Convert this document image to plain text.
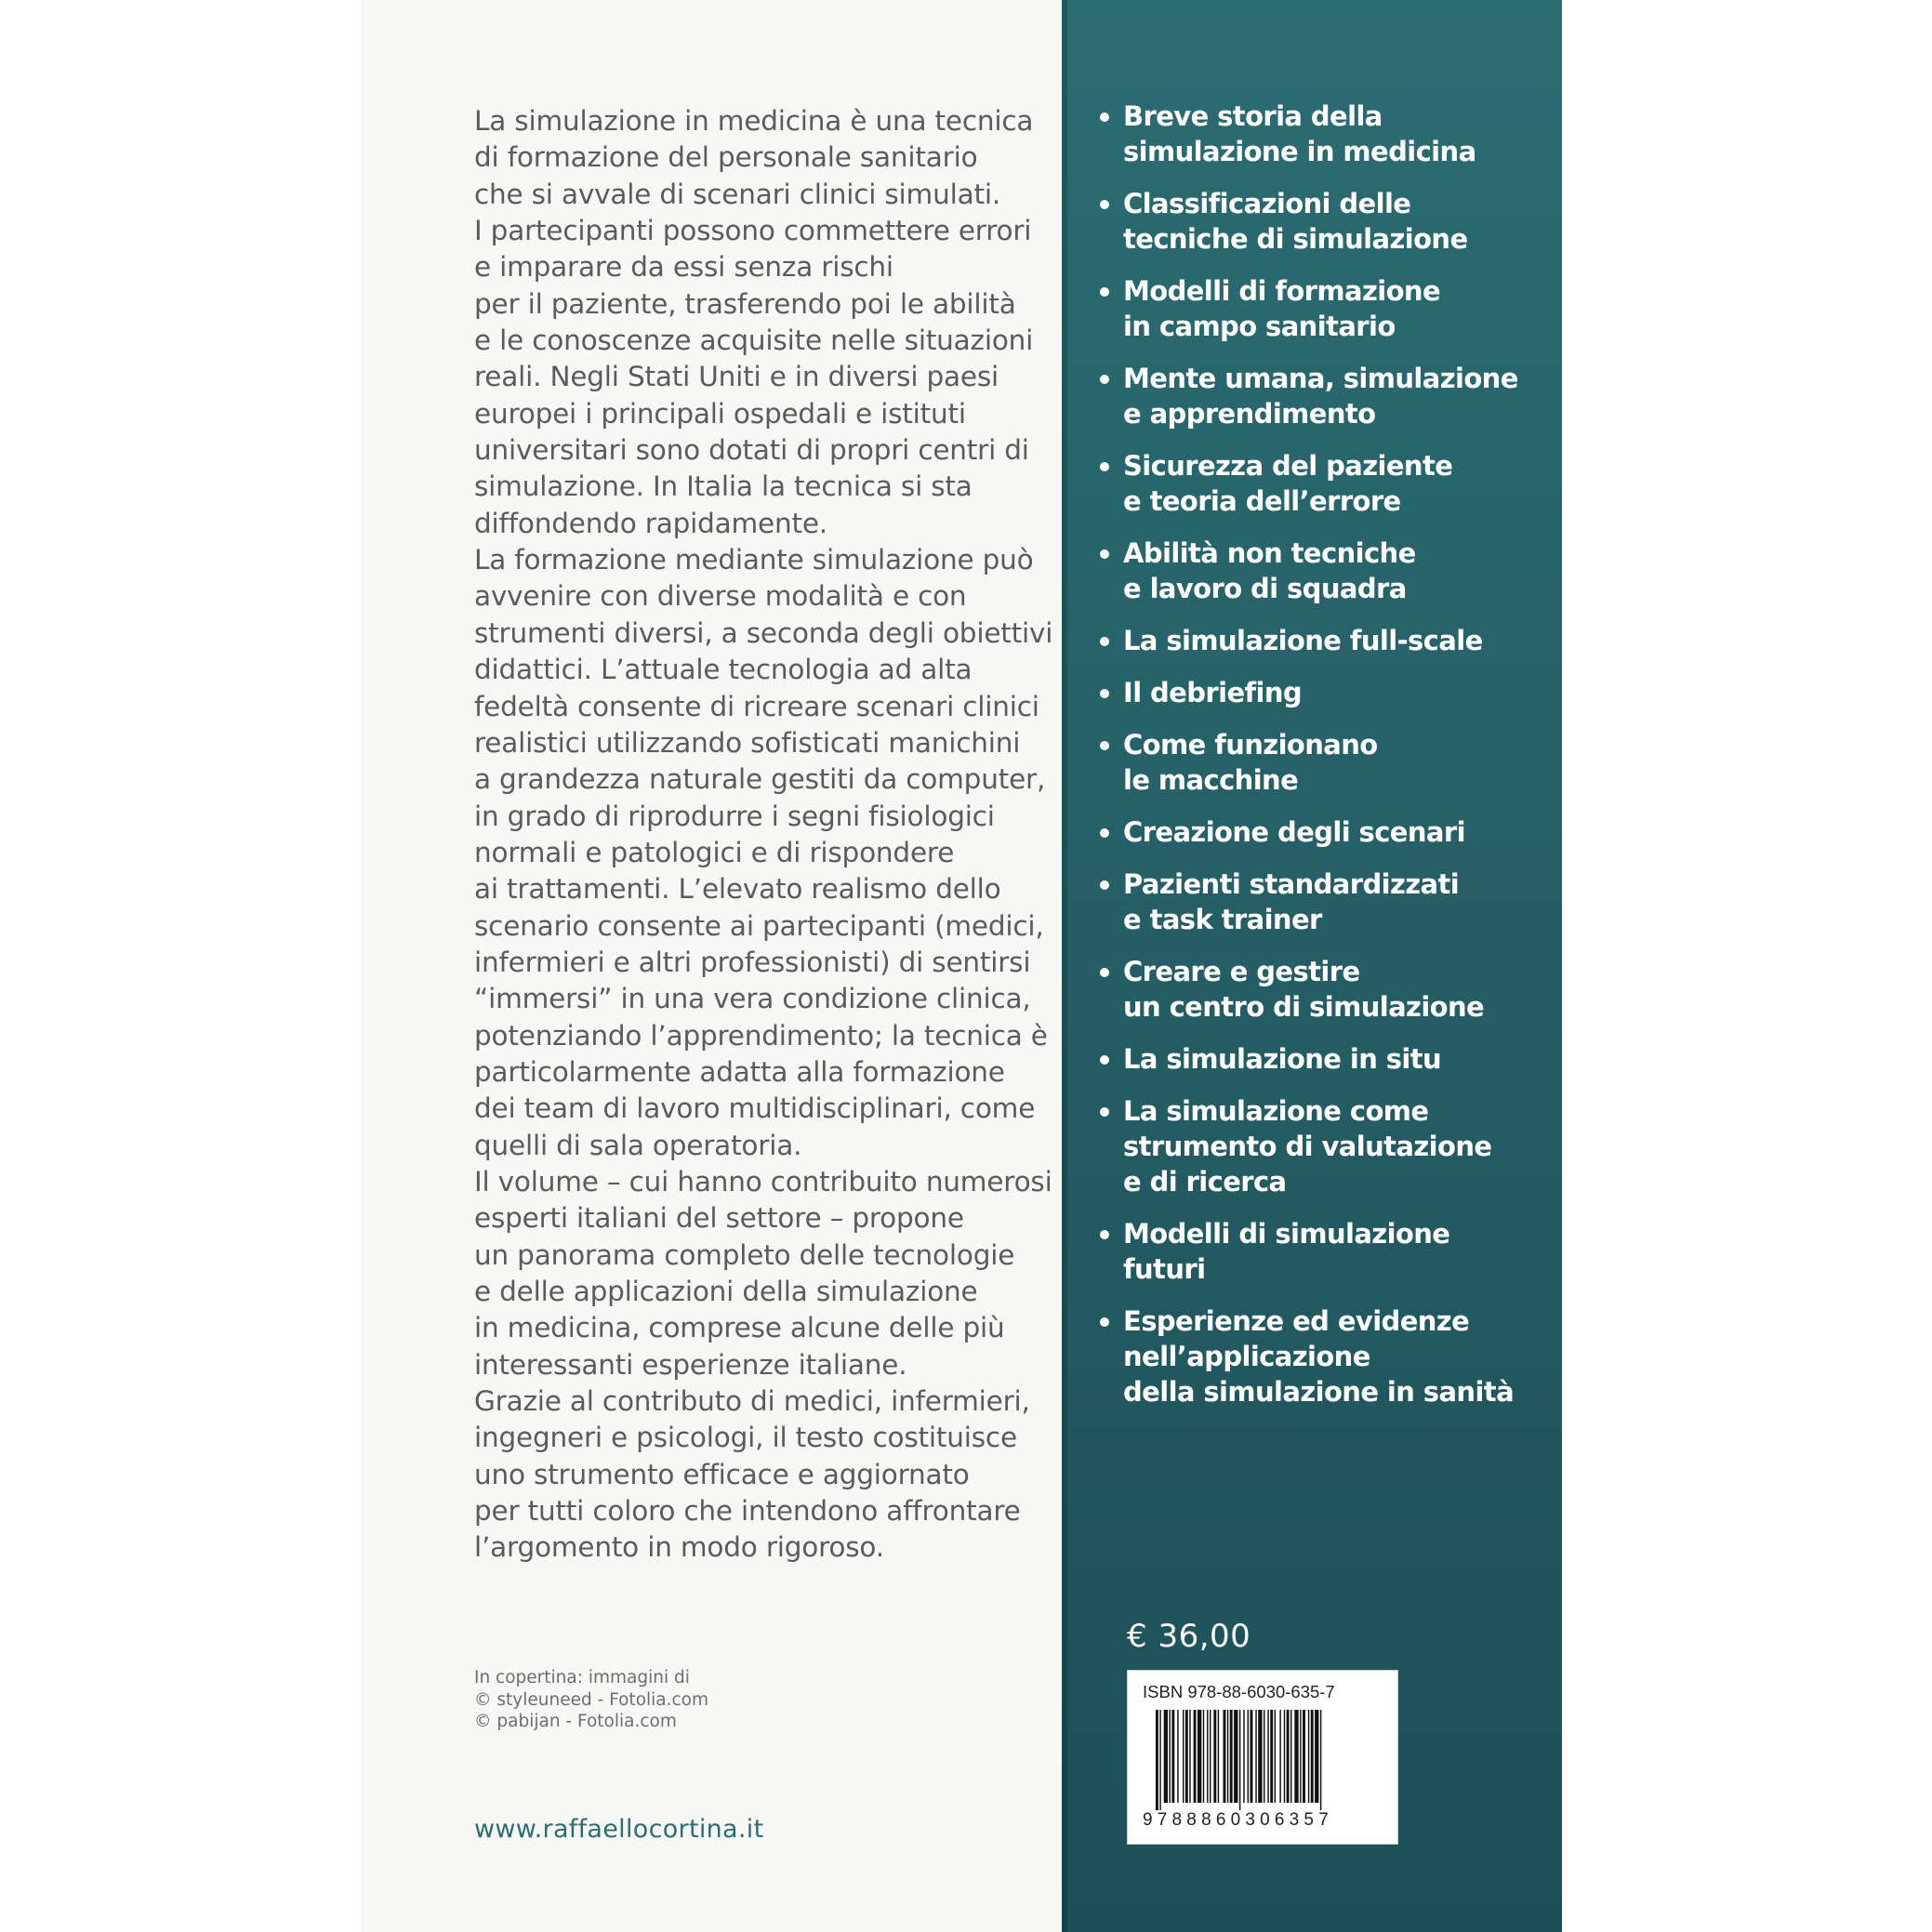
La simulazione in medicina è una tecnica
di formazione del personale sanitario
che si avvale di scenari clinici simulati.
I partecipanti possono commettere errori
e imparare da essi senza rischi
per il paziente, trasferendo poi le abilità
e le conoscenze acquisite nelle situazioni
reali. Negli Stati Uniti e in diversi paesi
europei i principali ospedali e istituti
universitari sono dotati di propri centri di
simulazione. In Italia la tecnica si sta
diffondendo rapidamente.
La formazione mediante simulazione può
avvenire con diverse modalità e con
strumenti diversi, a seconda degli obiettivi
didattici. L’attuale tecnologia ad alta
fedeltà consente di ricreare scenari clinici
realistici utilizzando sofisticati manichini
a grandezza naturale gestiti da computer,
in grado di riprodurre i segni fisiologici
normali e patologici e di rispondere
ai trattamenti. L’elevato realismo dello
scenario consente ai partecipanti (medici,
infermieri e altri professionisti) di sentirsi
“immersi” in una vera condizione clinica,
potenziando l’apprendimento; la tecnica è
particolarmente adatta alla formazione
dei team di lavoro multidisciplinari, come
quelli di sala operatoria.
Il volume – cui hanno contribuito numerosi
esperti italiani del settore – propone
un panorama completo delle tecnologie
e delle applicazioni della simulazione
in medicina, comprese alcune delle più
interessanti esperienze italiane.
Grazie al contributo di medici, infermieri,
ingegneri e psicologi, il testo costituisce
uno strumento efficace e aggiornato
per tutti coloro che intendono affrontare
l’argomento in modo rigoroso.
In copertina: immagini di
© styleuneed - Fotolia.com
© pabijan - Fotolia.com
www.raffaellocortina.it
Breve storia della
simulazione in medicina
Classificazioni delle
tecniche di simulazione
Modelli di formazione
in campo sanitario
Mente umana, simulazione
e apprendimento
Sicurezza del paziente
e teoria dell’errore
Abilità non tecniche
e lavoro di squadra
La simulazione full-scale
Il debriefing
Come funzionano
le macchine
Creazione degli scenari
Pazienti standardizzati
e task trainer
Creare e gestire
un centro di simulazione
La simulazione in situ
La simulazione come
strumento di valutazione
e di ricerca
Modelli di simulazione
futuri
Esperienze ed evidenze
nell’applicazione
della simulazione in sanità
€ 36,00
ISBN 978-88-6030-635-7
9788860306357
